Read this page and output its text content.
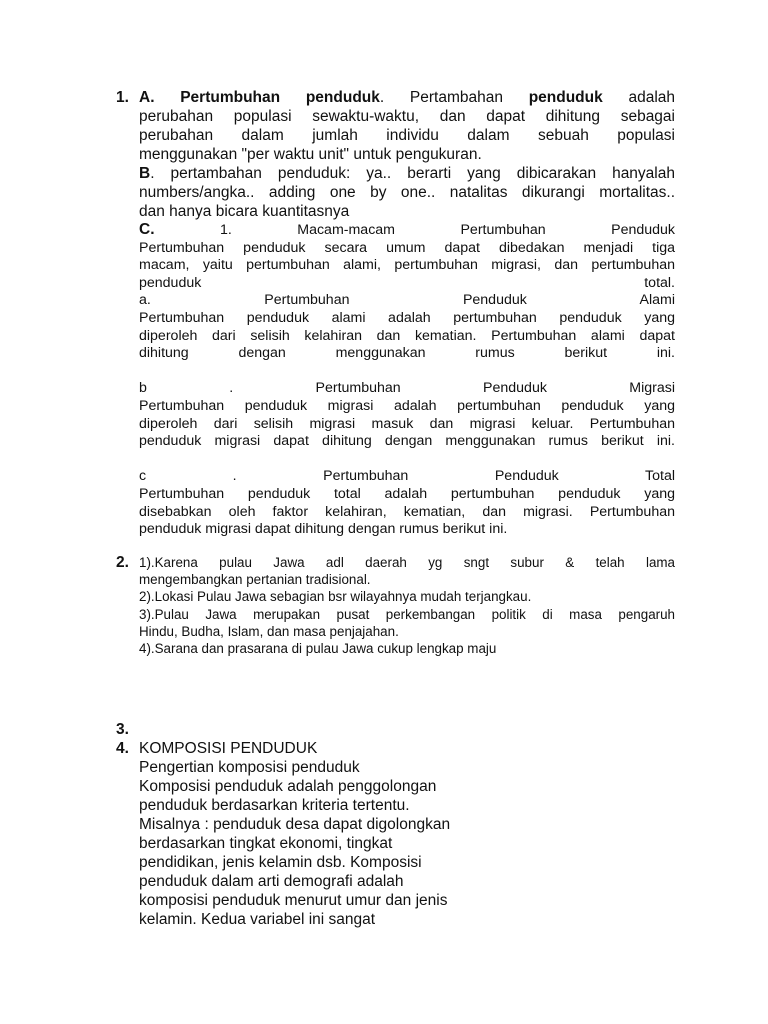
1. A. Pertumbuhan penduduk. Pertambahan penduduk adalah
perubahan populasi sewaktu-waktu, dan dapat dihitung sebagai
perubahan dalam jumlah individu dalam sebuah populasi
menggunakan "per waktu unit" untuk pengukuran.
B. pertambahan penduduk: ya.. berarti yang dibicarakan hanyalah
numbers/angka.. adding one by one.. natalitas dikurangi mortalitas..
dan hanya bicara kuantitasnya
C.	1. Macam-macam Pertumbuhan Penduduk
Pertumbuhan penduduk secara umum dapat dibedakan menjadi tiga
macam, yaitu pertumbuhan alami, pertumbuhan migrasi, dan pertumbuhan
penduduk total.
a. Pertumbuhan Penduduk Alami
Pertumbuhan penduduk alami adalah pertumbuhan penduduk yang
diperoleh dari selisih kelahiran dan kematian. Pertumbuhan alami dapat
dihitung dengan menggunakan rumus berikut ini.
b . Pertumbuhan Penduduk Migrasi
Pertumbuhan penduduk migrasi adalah pertumbuhan penduduk yang
diperoleh dari selisih migrasi masuk dan migrasi keluar. Pertumbuhan
penduduk migrasi dapat dihitung dengan menggunakan rumus berikut ini.
c . Pertumbuhan Penduduk Total
Pertumbuhan penduduk total adalah pertumbuhan penduduk yang
disebabkan oleh faktor kelahiran, kematian, dan migrasi. Pertumbuhan
penduduk migrasi dapat dihitung dengan rumus berikut ini.
2. 1).Karena pulau Jawa adl daerah yg sngt subur & telah lama
mengembangkan pertanian tradisional.
2).Lokasi Pulau Jawa sebagian bsr wilayahnya mudah terjangkau.
3).Pulau Jawa merupakan pusat perkembangan politik di masa pengaruh
Hindu, Budha, Islam, dan masa penjajahan.
4).Sarana dan prasarana di pulau Jawa cukup lengkap maju
3.
4. KOMPOSISI PENDUDUK
Pengertian komposisi penduduk
Komposisi penduduk adalah penggolongan
penduduk berdasarkan kriteria tertentu.
Misalnya : penduduk desa dapat digolongkan
berdasarkan tingkat ekonomi, tingkat
pendidikan, jenis kelamin dsb. Komposisi
penduduk dalam arti demografi adalah
komposisi penduduk menurut umur dan jenis
kelamin. Kedua variabel ini sangat
